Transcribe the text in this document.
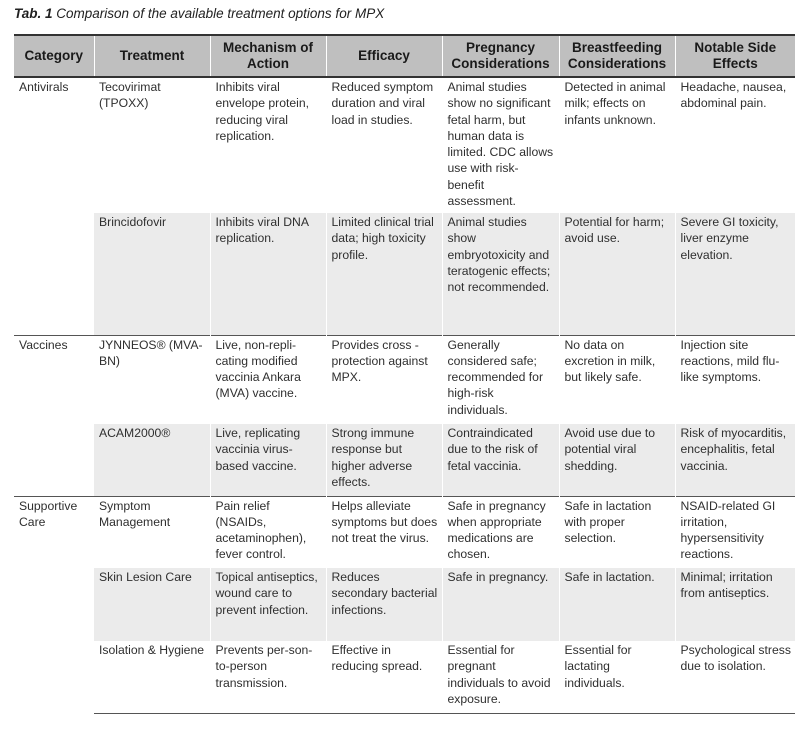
Tab. 1 Comparison of the available treatment options for MPX
Category	Treatment	Mechanism of Action	Efficacy	Pregnancy Considerations	Breastfeeding Considerations	Notable Side Effects
Antivirals	Tecovirimat (TPOXX)	Inhibits viral envelope protein, reducing viral replication.	Reduced symptom duration and viral load in studies.	Animal studies show no significant fetal harm, but human data is limited. CDC allows use with risk-benefit assessment.	Detected in animal milk; effects on infants unknown.	Headache, nausea, abdominal pain.
	Brincidofovir	Inhibits viral DNA replication.	Limited clinical trial data; high toxicity profile.	Animal studies show embryotoxicity and teratogenic effects; not recommended.	Potential for harm; avoid use.	Severe GI toxicity, liver enzyme elevation.
Vaccines	JYNNEOS® (MVA-BN)	Live, non-repli-cating modified vaccinia Ankara (MVA) vaccine.	Provides cross -protection against MPX.	Generally considered safe; recommended for high-risk individuals.	No data on excretion in milk, but likely safe.	Injection site reactions, mild flu-like symptoms.
	ACAM2000®	Live, replicating vaccinia virus-based vaccine.	Strong immune response but higher adverse effects.	Contraindicated due to the risk of fetal vaccinia.	Avoid use due to potential viral shedding.	Risk of myocarditis, encephalitis, fetal vaccinia.
Supportive Care	Symptom Management	Pain relief (NSAIDs, acetaminophen), fever control.	Helps alleviate symptoms but does not treat the virus.	Safe in pregnancy when appropriate medications are chosen.	Safe in lactation with proper selection.	NSAID-related GI irritation, hypersensitivity reactions.
	Skin Lesion Care	Topical antiseptics, wound care to prevent infection.	Reduces secondary bacterial infections.	Safe in pregnancy.	Safe in lactation.	Minimal; irritation from antiseptics.
	Isolation & Hygiene	Prevents per-son-to-person transmission.	Effective in reducing spread.	Essential for pregnant individuals to avoid exposure.	Essential for lactating individuals.	Psychological stress due to isolation.
